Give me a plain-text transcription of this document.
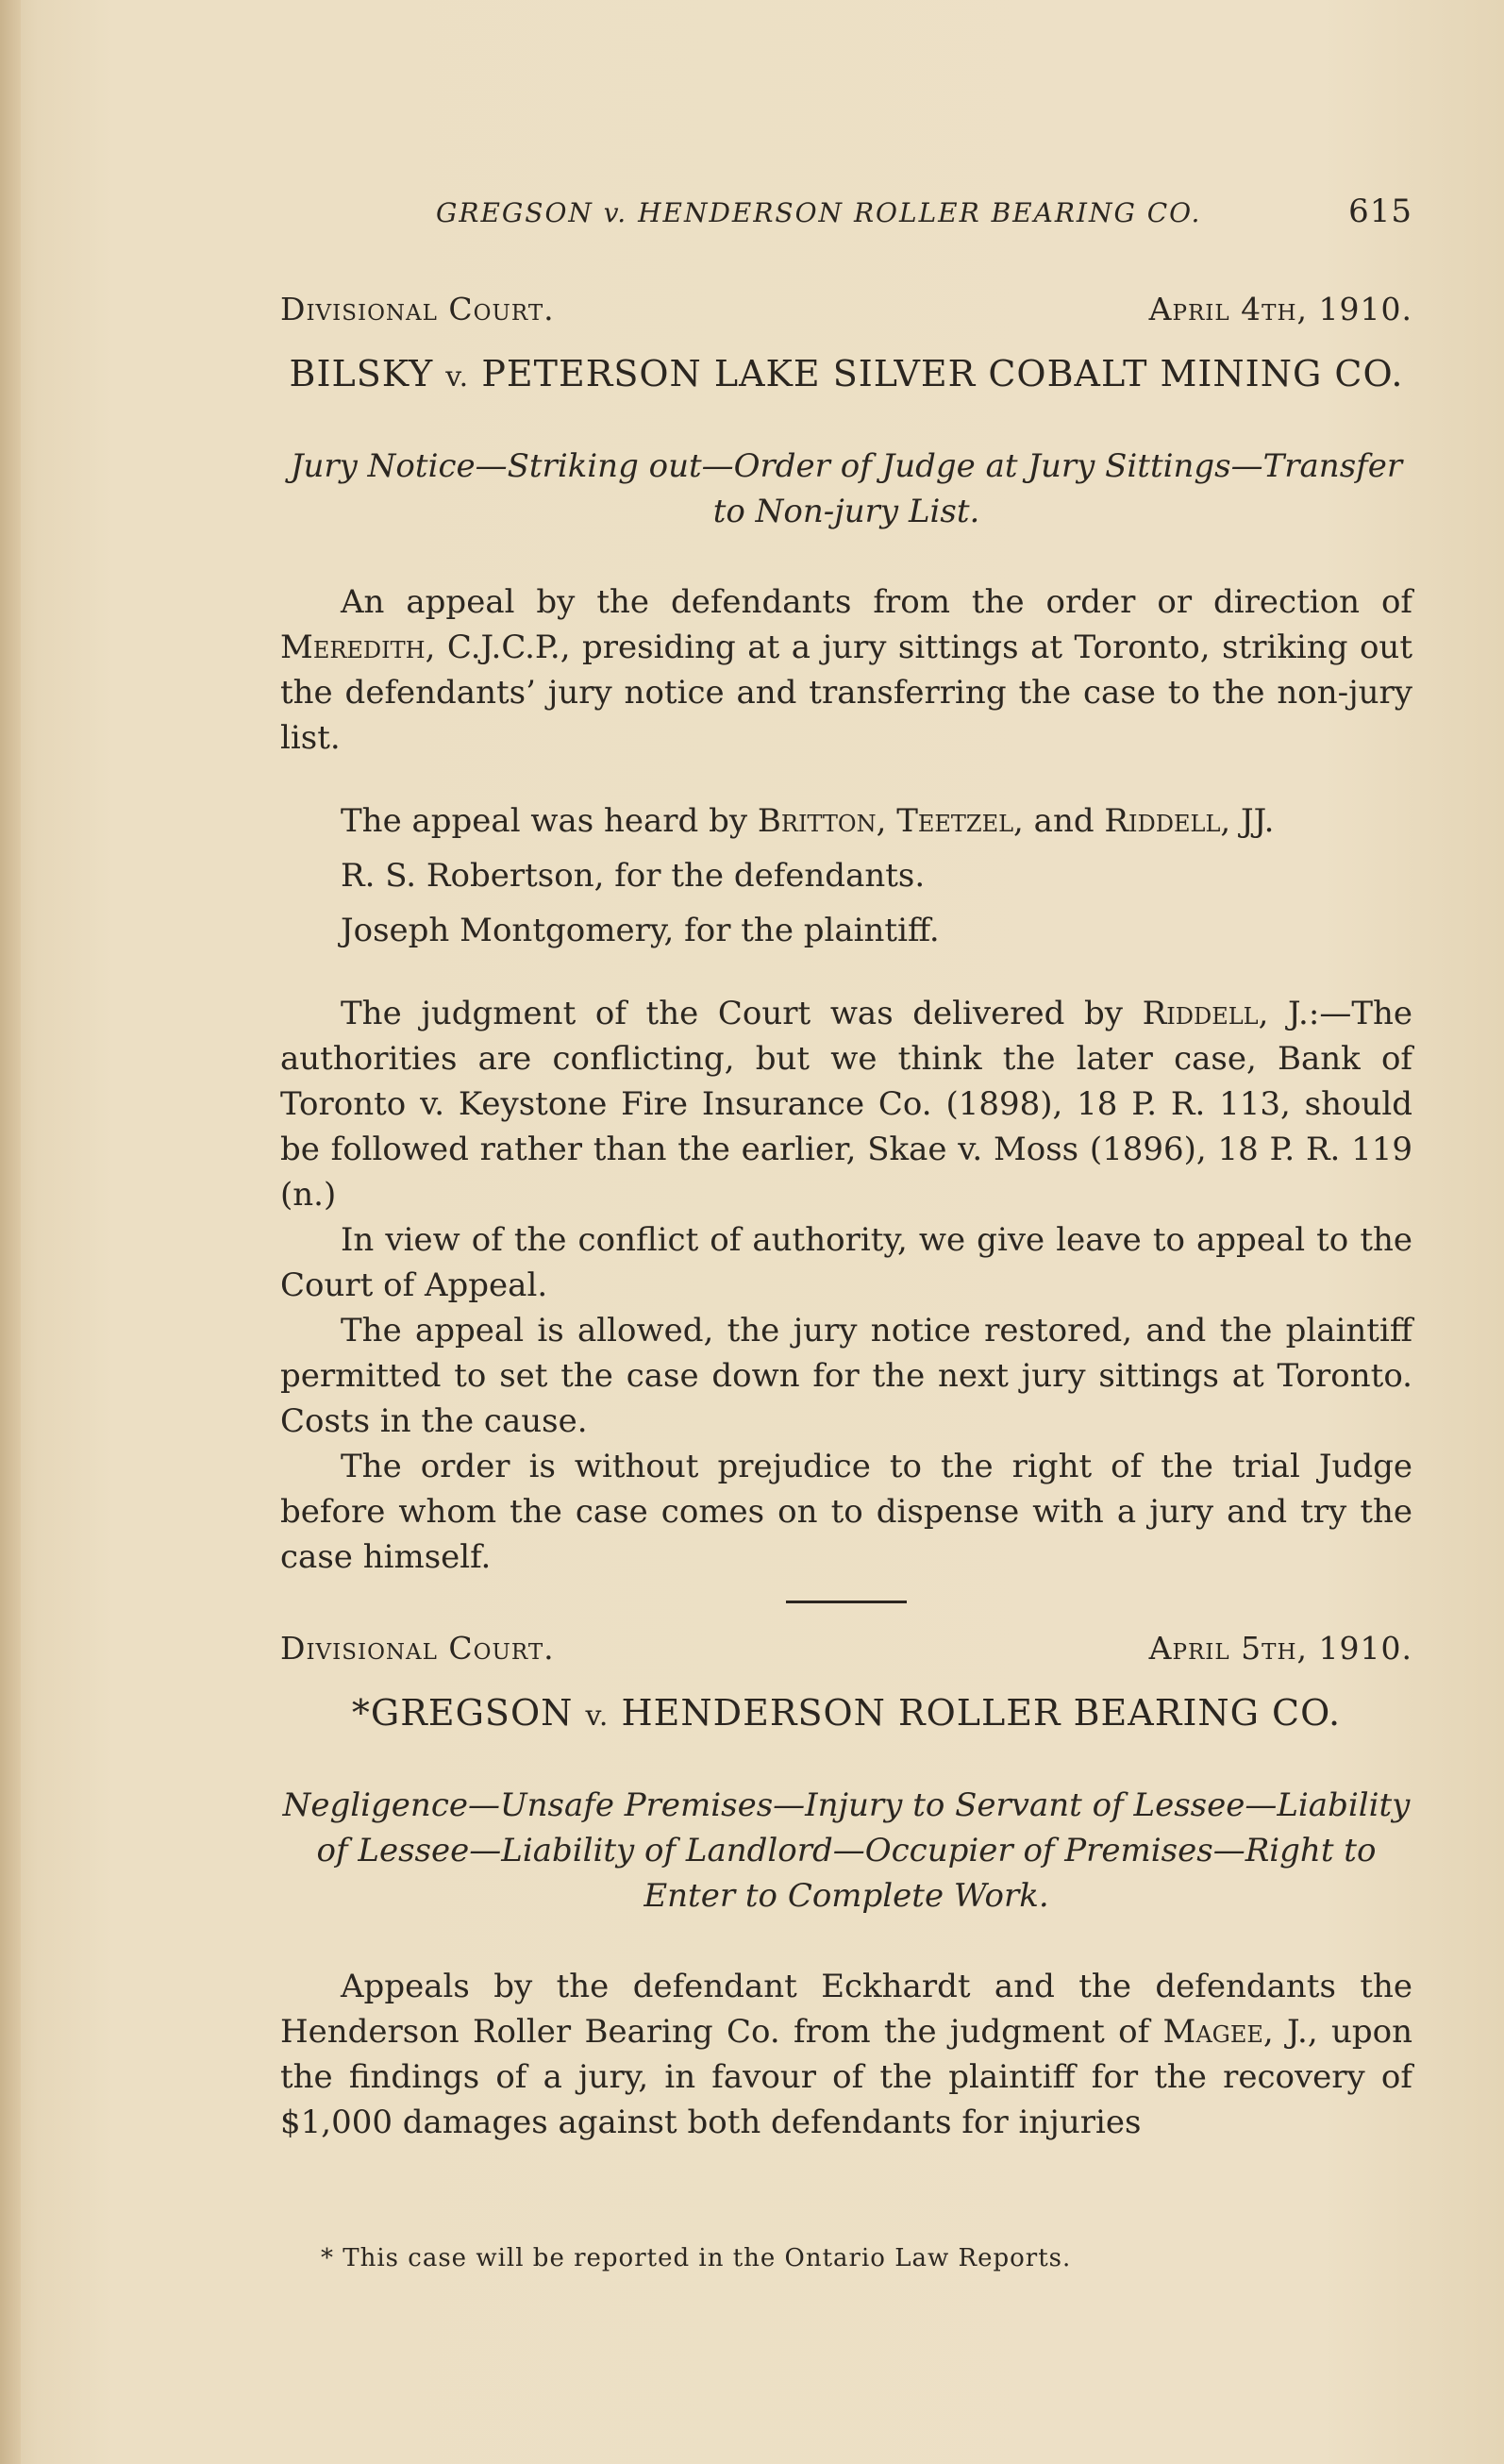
GREGSON v. HENDERSON ROLLER BEARING CO.	615
Divisional Court.	April 4th, 1910.
BILSKY v. PETERSON LAKE SILVER COBALT MINING CO.
Jury Notice—Striking out—Order of Judge at Jury Sittings—Transfer to Non-jury List.

An appeal by the defendants from the order or direction of Meredith, C.J.C.P., presiding at a jury sittings at Toronto, striking out the defendants’ jury notice and transferring the case to the non-jury list.

The appeal was heard by Britton, Teetzel, and Riddell, JJ.

R. S. Robertson, for the defendants.

Joseph Montgomery, for the plaintiff.

The judgment of the Court was delivered by Riddell, J.:—The authorities are conflicting, but we think the later case, Bank of Toronto v. Keystone Fire Insurance Co. (1898), 18 P. R. 113, should be followed rather than the earlier, Skae v. Moss (1896), 18 P. R. 119 (n.)

In view of the conflict of authority, we give leave to appeal to the Court of Appeal.

The appeal is allowed, the jury notice restored, and the plaintiff permitted to set the case down for the next jury sittings at Toronto. Costs in the cause.

The order is without prejudice to the right of the trial Judge before whom the case comes on to dispense with a jury and try the case himself.

Divisional Court.	April 5th, 1910.
*GREGSON v. HENDERSON ROLLER BEARING CO.
Negligence—Unsafe Premises—Injury to Servant of Lessee—Liability of Lessee—Liability of Landlord—Occupier of Premises—Right to Enter to Complete Work.

Appeals by the defendant Eckhardt and the defendants the Henderson Roller Bearing Co. from the judgment of Magee, J., upon the findings of a jury, in favour of the plaintiff for the recovery of $1,000 damages against both defendants for injuries

* This case will be reported in the Ontario Law Reports.
